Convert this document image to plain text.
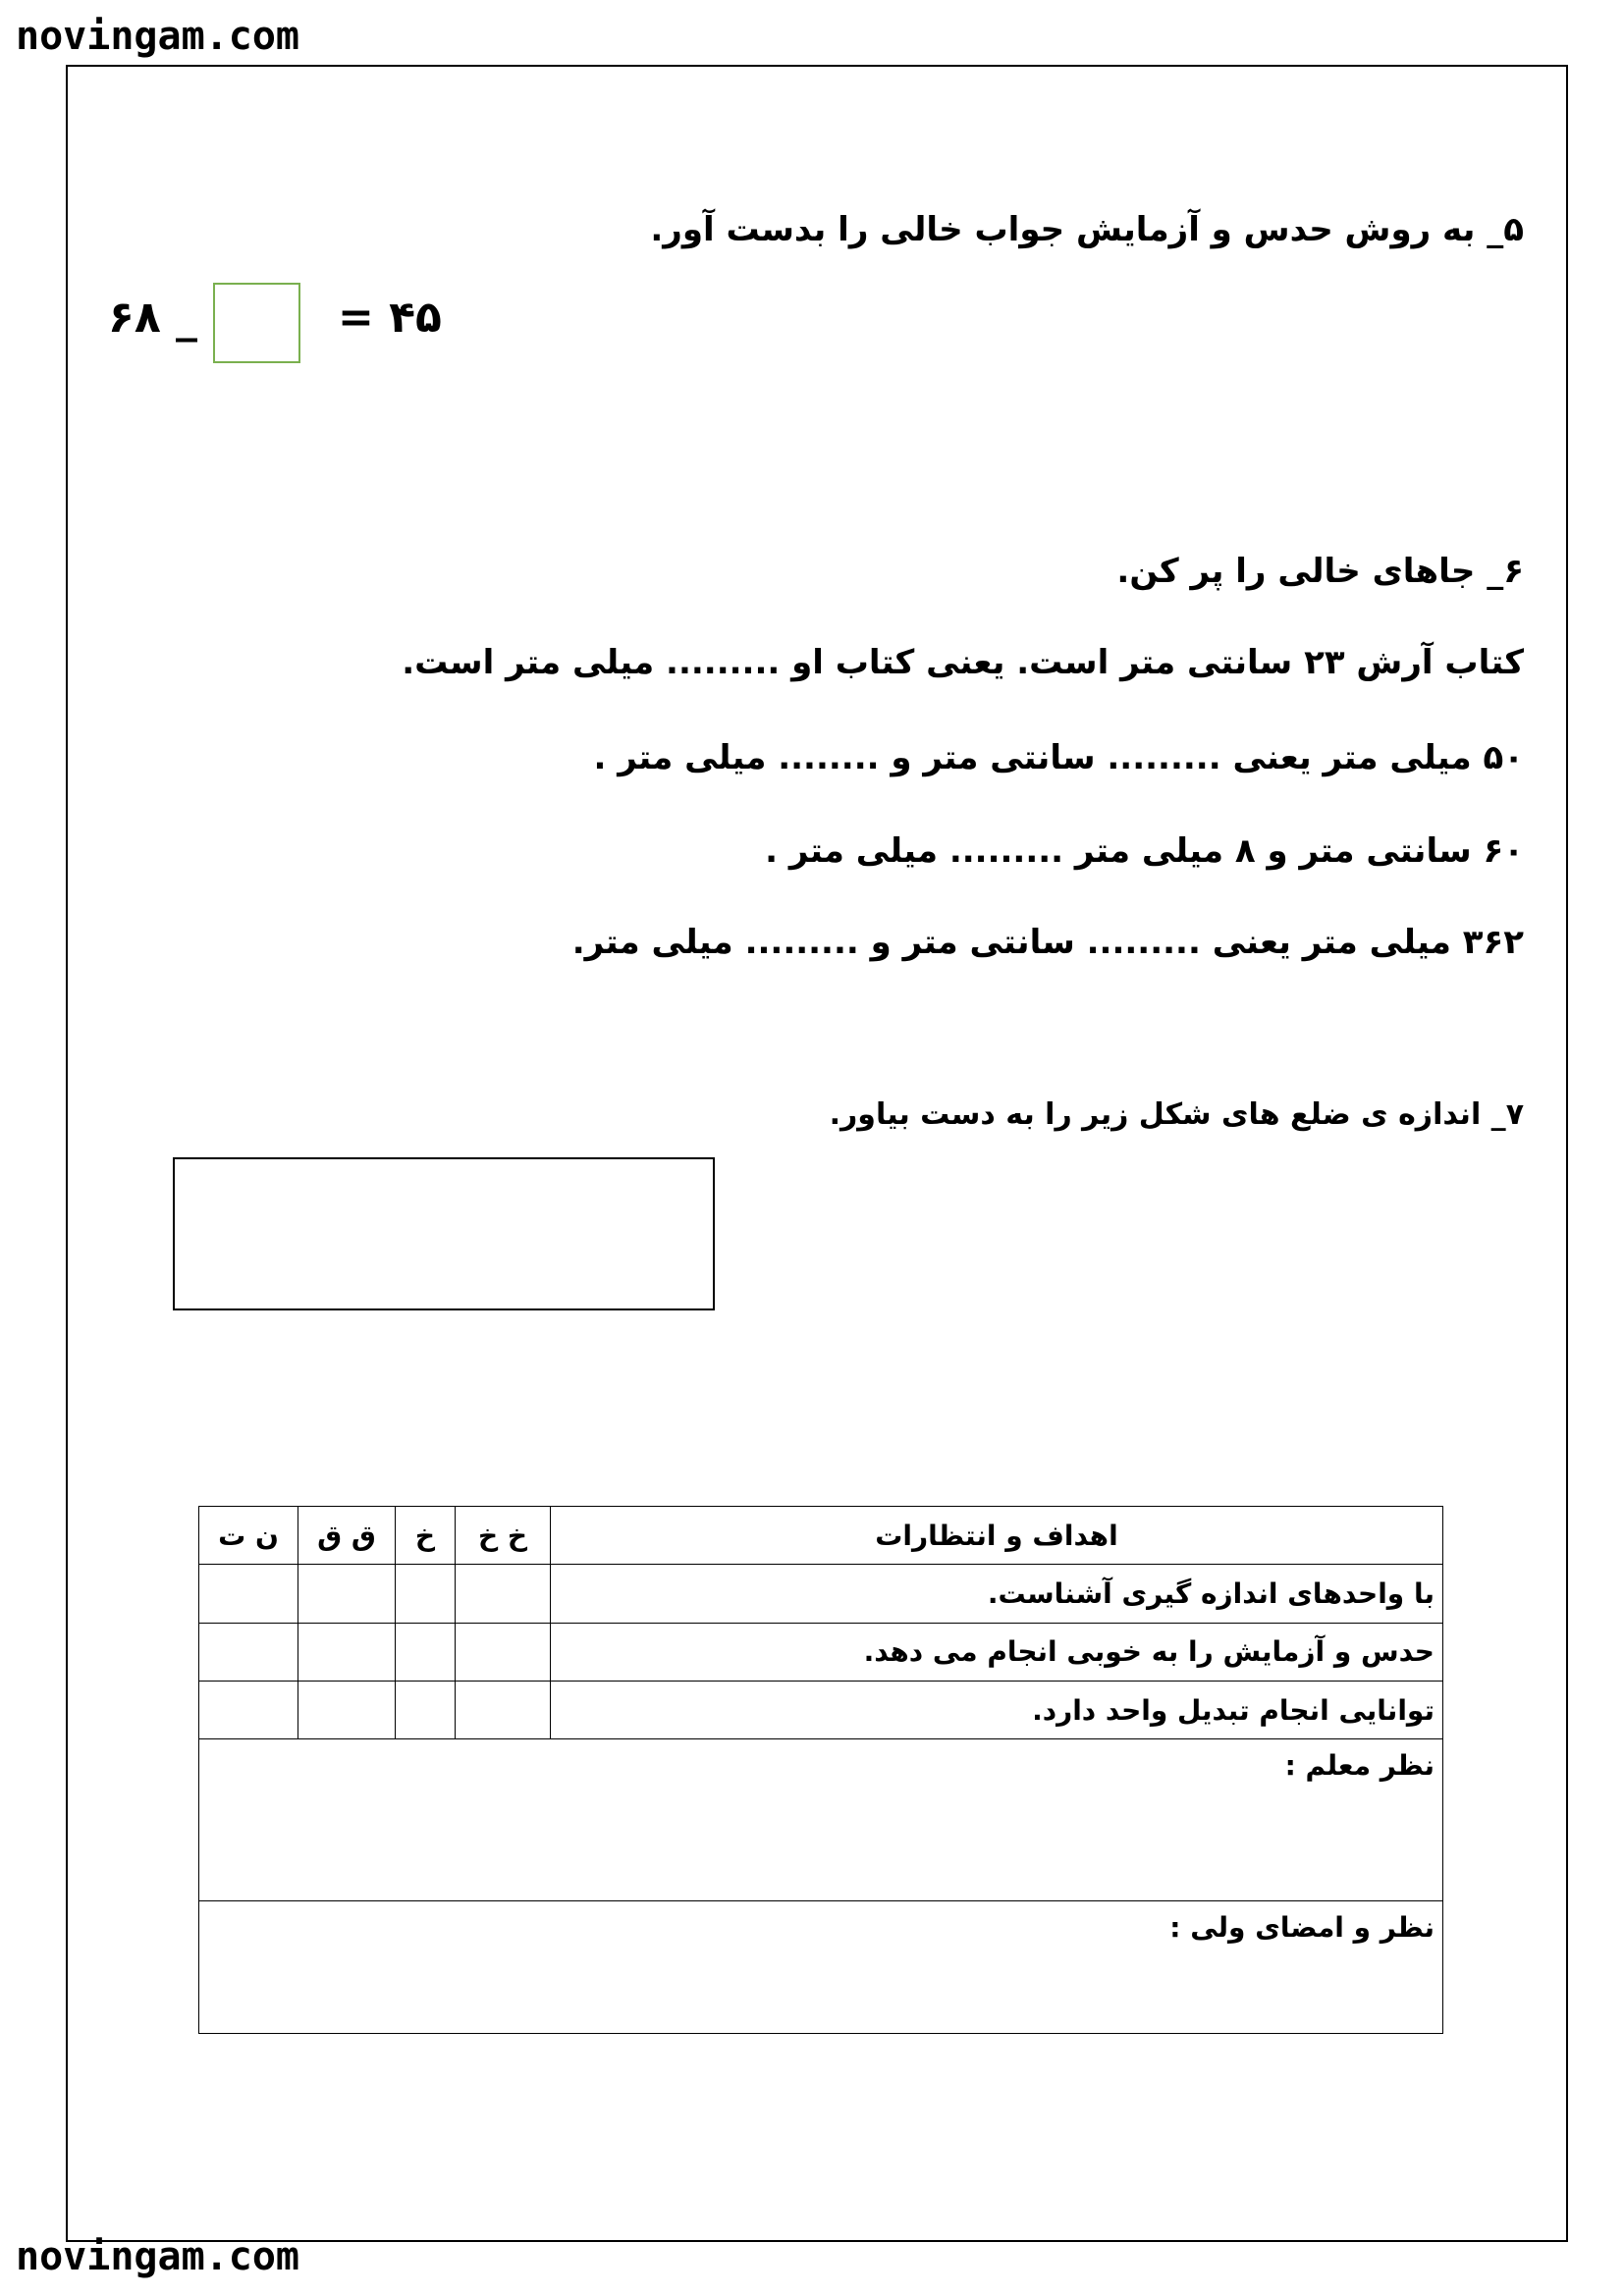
novingam.com
۵_ به روش حدس و آزمایش جواب خالی را بدست آور.
۶۸ _	= ۴۵
۶_ جاهای خالی را پر کن.
کتاب آرش ۲۳ سانتی متر است. یعنی کتاب او ......... میلی متر است.
۵۰ میلی متر یعنی ......... سانتی متر و ........ میلی متر .
۶۰ سانتی متر و ۸ میلی متر ......... میلی متر .
۳۶۲ میلی متر یعنی ......... سانتی متر و ......... میلی متر.
۷_ اندازه ی ضلع های شکل زیر را به دست بیاور.
اهداف و انتظارات	خ خ	خ	ق ق	ن ت
با واحدهای اندازه گیری آشناست.				
حدس و آزمایش را به خوبی انجام می دهد.				
توانایی انجام تبدیل واحد دارد.				
نظر معلم :				
نظر و امضای ولی :				
novingam.com
